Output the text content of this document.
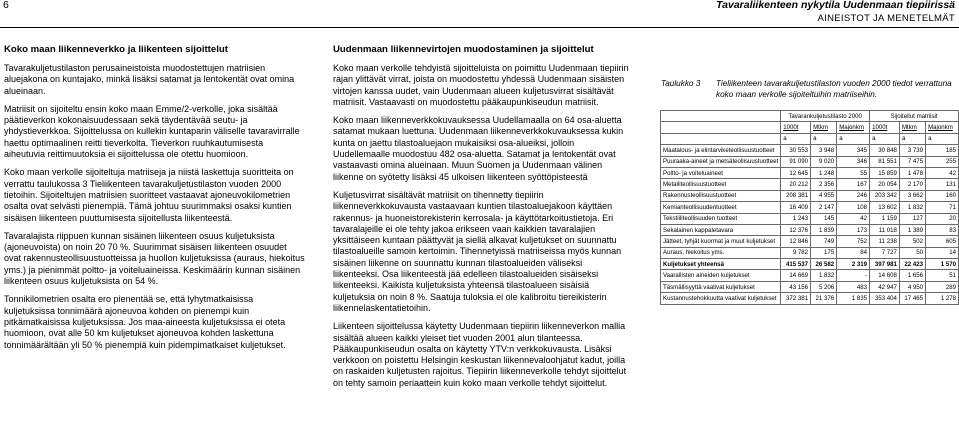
6	Tavaraliikenteen nykytila Uudenmaan tiepiirissä
AINEISTOT JA MENETELMÄT
Koko maan liikenneverkko ja liikenteen sijoittelut

Tavarakuljetustilaston perusaineistoista muodostettujen matriisien aluejakona on kuntajako, minkä lisäksi satamat ja lentokentät ovat omina alueinaan.

Matriisit on sijoiteltu ensin koko maan Emme/2-verkolle, joka sisältää päätieverkon kokonaisuudessaan sekä täydentävää seutu- ja yhdystieverkkoa. Sijoittelussa on kullekin kuntaparin väliselle tavaravirralle haettu optimaalinen reitti tieverkolta. Tieverkon ruuhkautumisesta aiheutuvia reittimuutoksia ei sijoittelussa ole otettu huomioon.

Koko maan verkolle sijoiteltuja matriiseja ja niistä laskettuja suoritteita on verrattu taulukossa 3 Tieliikenteen tavarakuljetustilaston vuoden 2000 tietoihin. Sijoiteltujen matriisien suoritteet vastaavat ajoneuvokilometrien osalta ovat selvästi pienempiä. Tämä johtuu suurimmaksi osaksi kuntien sisäisen liikenteen puuttumisesta sijoitellusta liikenteestä.

Tavaralajista riippuen kunnan sisäinen liikenteen osuus kuljetuksista (ajoneuvoista) on noin 20 70 %. Suurimmat sisäisen liikenteen osuudet ovat rakennusteollisuustuotteissa ja huollon kuljetuksissa (auraus, hiekoitus yms.) ja pienimmät poltto- ja voiteluaineissa. Keskimäärin kunnan sisäinen liikenteen osuus kuljetuksista on 54 %.

Tonnikilometrien osalta ero pienentää se, että lyhytmatkaisissa kuljetuksissa tonnimäärä ajoneuvoa kohden on pienempi kuin pitkämatkaisissa kuljetuksissa. Jos maa-aineesta kuljetuksissa ei oteta huomioon, ovat alle 50 km kuljetukset ajoneuvoa kohden laskettuna tonnimäärältään yli 50 % pienempiä kuin pidempimatkaiset kuljetukset.

Uudenmaan liikennevirtojen muodostaminen ja sijoittelut

Koko maan verkolle tehdyistä sijoitteluista on poimittu Uudenmaan tiepiirin rajan ylittävät virrat, joista on muodostettu yhdessä Uudenmaan sisäisten virtojen kanssa uudet, vain Uudenmaan alueen kuljetusvirrat sisältävät matriisit. Vastaavasti on muodostettu pääkaupunkiseudun matriisit.

Koko maan liikenneverkkokuvauksessa Uudellamaalla on 64 osa-aluetta satamat mukaan luettuna. Uudenmaan liikenneverkkokuvauksessa kukin kunta on jaettu tilastoaluejaon mukaisiksi osa-alueiksi, jolloin Uudellemaalle muodostuu 482 osa-aluetta. Satamat ja lentokentät ovat vastaavasti omina alueinaan. Muun Suomen ja Uudenmaan välinen liikenne on syötetty lisäksi 45 ulkoisen liikenteen syöttöpisteestä

Kuljetusvirrat sisältävät matriisit on tihennetty tiepiirin liikenneverkkokuvausta vastaavaan kuntien tilastoaluejakoon käyttäen rakennus- ja huoneistorekisterin kerrosala- ja käyttötarkoitustietoja. Eri tavaralajeille ei ole tehty jakoa erikseen vaan kaikkien tavaralajien yksittäiseen kuntaan päättyvät ja siellä alkavat kuljetukset on suunnattu tilastoalueille samoin kertoimin. Tihennetyissä matriiseissa myös kunnan sisäinen liikenne on suunnattu kunnan tilastoalueiden väliseksi liikenteeksi. Osa liikenteestä jää edelleen tilastoalueiden sisäiseksi liikenteeksi. Kaikista kuljetuksista yhteensä tilastoalueen sisäisiä kuljetuksia on noin 8 %. Saatuja tuloksia ei ole kalibroitu tiereikisterin liikennelaskentatietoihin.

Liikenteen sijoittelussa käytetty Uudenmaan tiepiirin liikenneverkon mallia sisältää alueen kaikki yleiset tiet vuoden 2001 alun tilanteessa. Pääkaupunkiseudun osalta on käytetty YTV:n verkkokuvausta. Lisäksi verkkoon on poistettu Helsingin keskustan liikennevaloohjatut kadut, joilla on raskaiden kuljetusten rajoitus. Tiepiirin liikenneverkolle tehdyt sijoittelut on tehty samoin periaattein kuin koko maan verkolle tehdyt sijoittelut.

Taulukko 3 Tieliikenteen tavarakuljetustilaston vuoden 2000 tiedot verrattuna koko maan verkolle sijoiteltuihin matriiseihin.
	Tavarankuljetustilasto 2000			Sijoitellut matriisit		
	1000t	Mtkm	Majonkm	1000t	Mtkm	Majonkm
	a	a	a	a	a	a
Maatalous- ja elintarviketeollisuustuotteet	30 553	3 948	345	30 848	3 739	185
Puuraaka-aineet ja metsäteollisuustuotteet	91 090	9 020	346	81 551	7 475	255
Poltto- ja voiteluaineet	12 645	1 248	55	15 859	1 478	42
Metalliteollisuustuotteet	20 212	2 356	167	20 054	2 170	131
Rakennusteollisuustuotteet	208 381	4 955	246	203 342	3 662	160
Kemianteollisuudentuotteet	16 409	2 147	108	13 602	1 832	71
Tekstiiliteollisuuden tuotteet	1 243	145	42	1 159	127	20
Sekalainen kappaletavara	12 376	1 839	173	11 018	1 389	83
Jätteet, tyhjät kuormat ja muut kuljetukset	12 846	749	752	11 238	502	605
Auraus, hiekoitus yms.	9 782	175	84	7 727	50	14
Kuljetukset yhteensä	415 537	26 582	2 319	397 981	22 423	1 570
Vaarallisten aineiden kuljetukset	14 669	1 832	-	14 608	1 656	51
Täsmällisyyttä vaativat kuljetukset	43 156	5 206	483	42 947	4 950	289
Kustannustehokkuutta vaativat kuljetukset	372 381	21 376	1 835	353 404	17 465	1 278
